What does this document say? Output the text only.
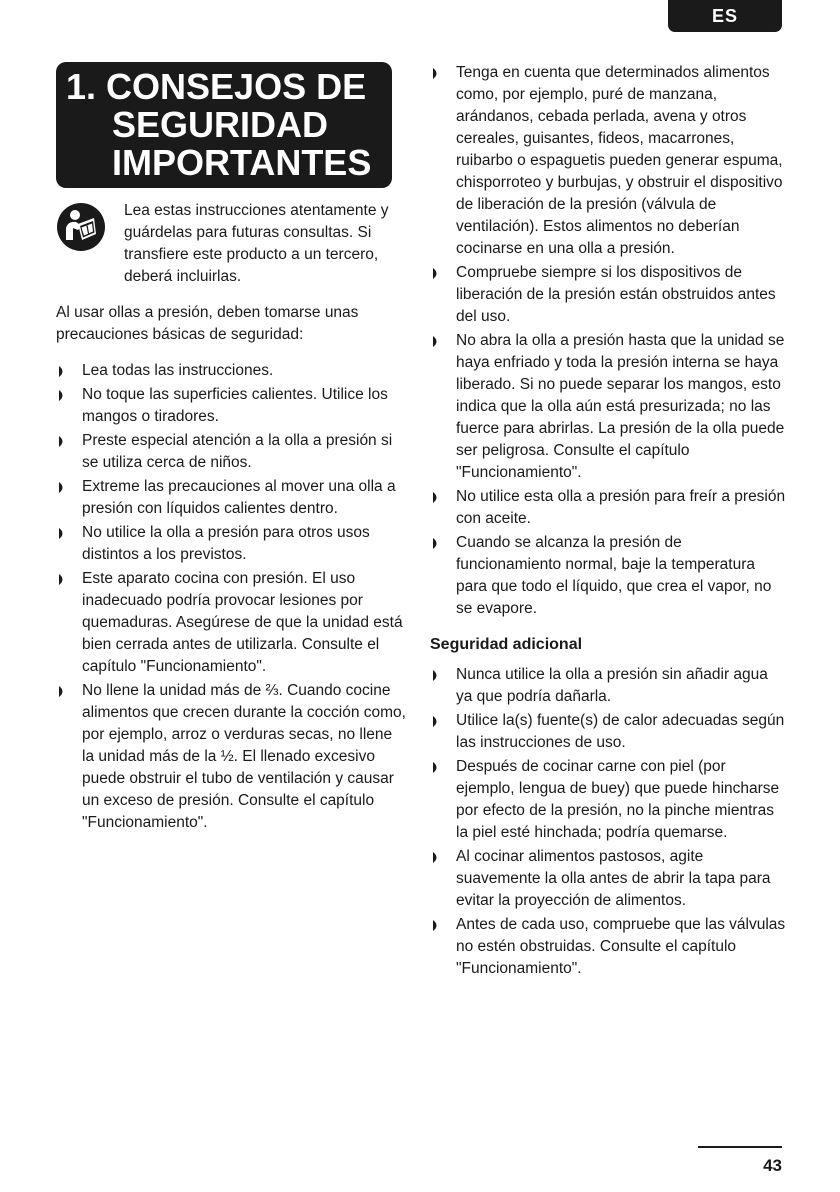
ES
1. CONSEJOS DE
SEGURIDAD
IMPORTANTES
Lea estas instrucciones atentamente y guárdelas para futuras consultas. Si transfiere este producto a un tercero, deberá incluirlas.

Al usar ollas a presión, deben tomarse unas precauciones básicas de seguridad:

Lea todas las instrucciones.
No toque las superficies calientes. Utilice los mangos o tiradores.
Preste especial atención a la olla a presión si se utiliza cerca de niños.
Extreme las precauciones al mover una olla a presión con líquidos calientes dentro.
No utilice la olla a presión para otros usos distintos a los previstos.
Este aparato cocina con presión. El uso inadecuado podría provocar lesiones por quemaduras. Asegúrese de que la unidad está bien cerrada antes de utilizarla. Consulte el capítulo "Funcionamiento".
No llene la unidad más de ⅔. Cuando cocine alimentos que crecen durante la cocción como, por ejemplo, arroz o verduras secas, no llene la unidad más de la ½. El llenado excesivo puede obstruir el tubo de ventilación y causar un exceso de presión. Consulte el capítulo "Funcionamiento".
Tenga en cuenta que determinados alimentos como, por ejemplo, puré de manzana, arándanos, cebada perlada, avena y otros cereales, guisantes, fideos, macarrones, ruibarbo o espaguetis pueden generar espuma, chisporroteo y burbujas, y obstruir el dispositivo de liberación de la presión (válvula de ventilación). Estos alimentos no deberían cocinarse en una olla a presión.
Compruebe siempre si los dispositivos de liberación de la presión están obstruidos antes del uso.
No abra la olla a presión hasta que la unidad se haya enfriado y toda la presión interna se haya liberado. Si no puede separar los mangos, esto indica que la olla aún está presurizada; no las fuerce para abrirlas. La presión de la olla puede ser peligrosa. Consulte el capítulo "Funcionamiento".
No utilice esta olla a presión para freír a presión con aceite.
Cuando se alcanza la presión de funcionamiento normal, baje la temperatura para que todo el líquido, que crea el vapor, no se evapore.
Seguridad adicional
Nunca utilice la olla a presión sin añadir agua ya que podría dañarla.
Utilice la(s) fuente(s) de calor adecuadas según las instrucciones de uso.
Después de cocinar carne con piel (por ejemplo, lengua de buey) que puede hincharse por efecto de la presión, no la pinche mientras la piel esté hinchada; podría quemarse.
Al cocinar alimentos pastosos, agite suavemente la olla antes de abrir la tapa para evitar la proyección de alimentos.
Antes de cada uso, compruebe que las válvulas no estén obstruidas. Consulte el capítulo "Funcionamiento".
43
